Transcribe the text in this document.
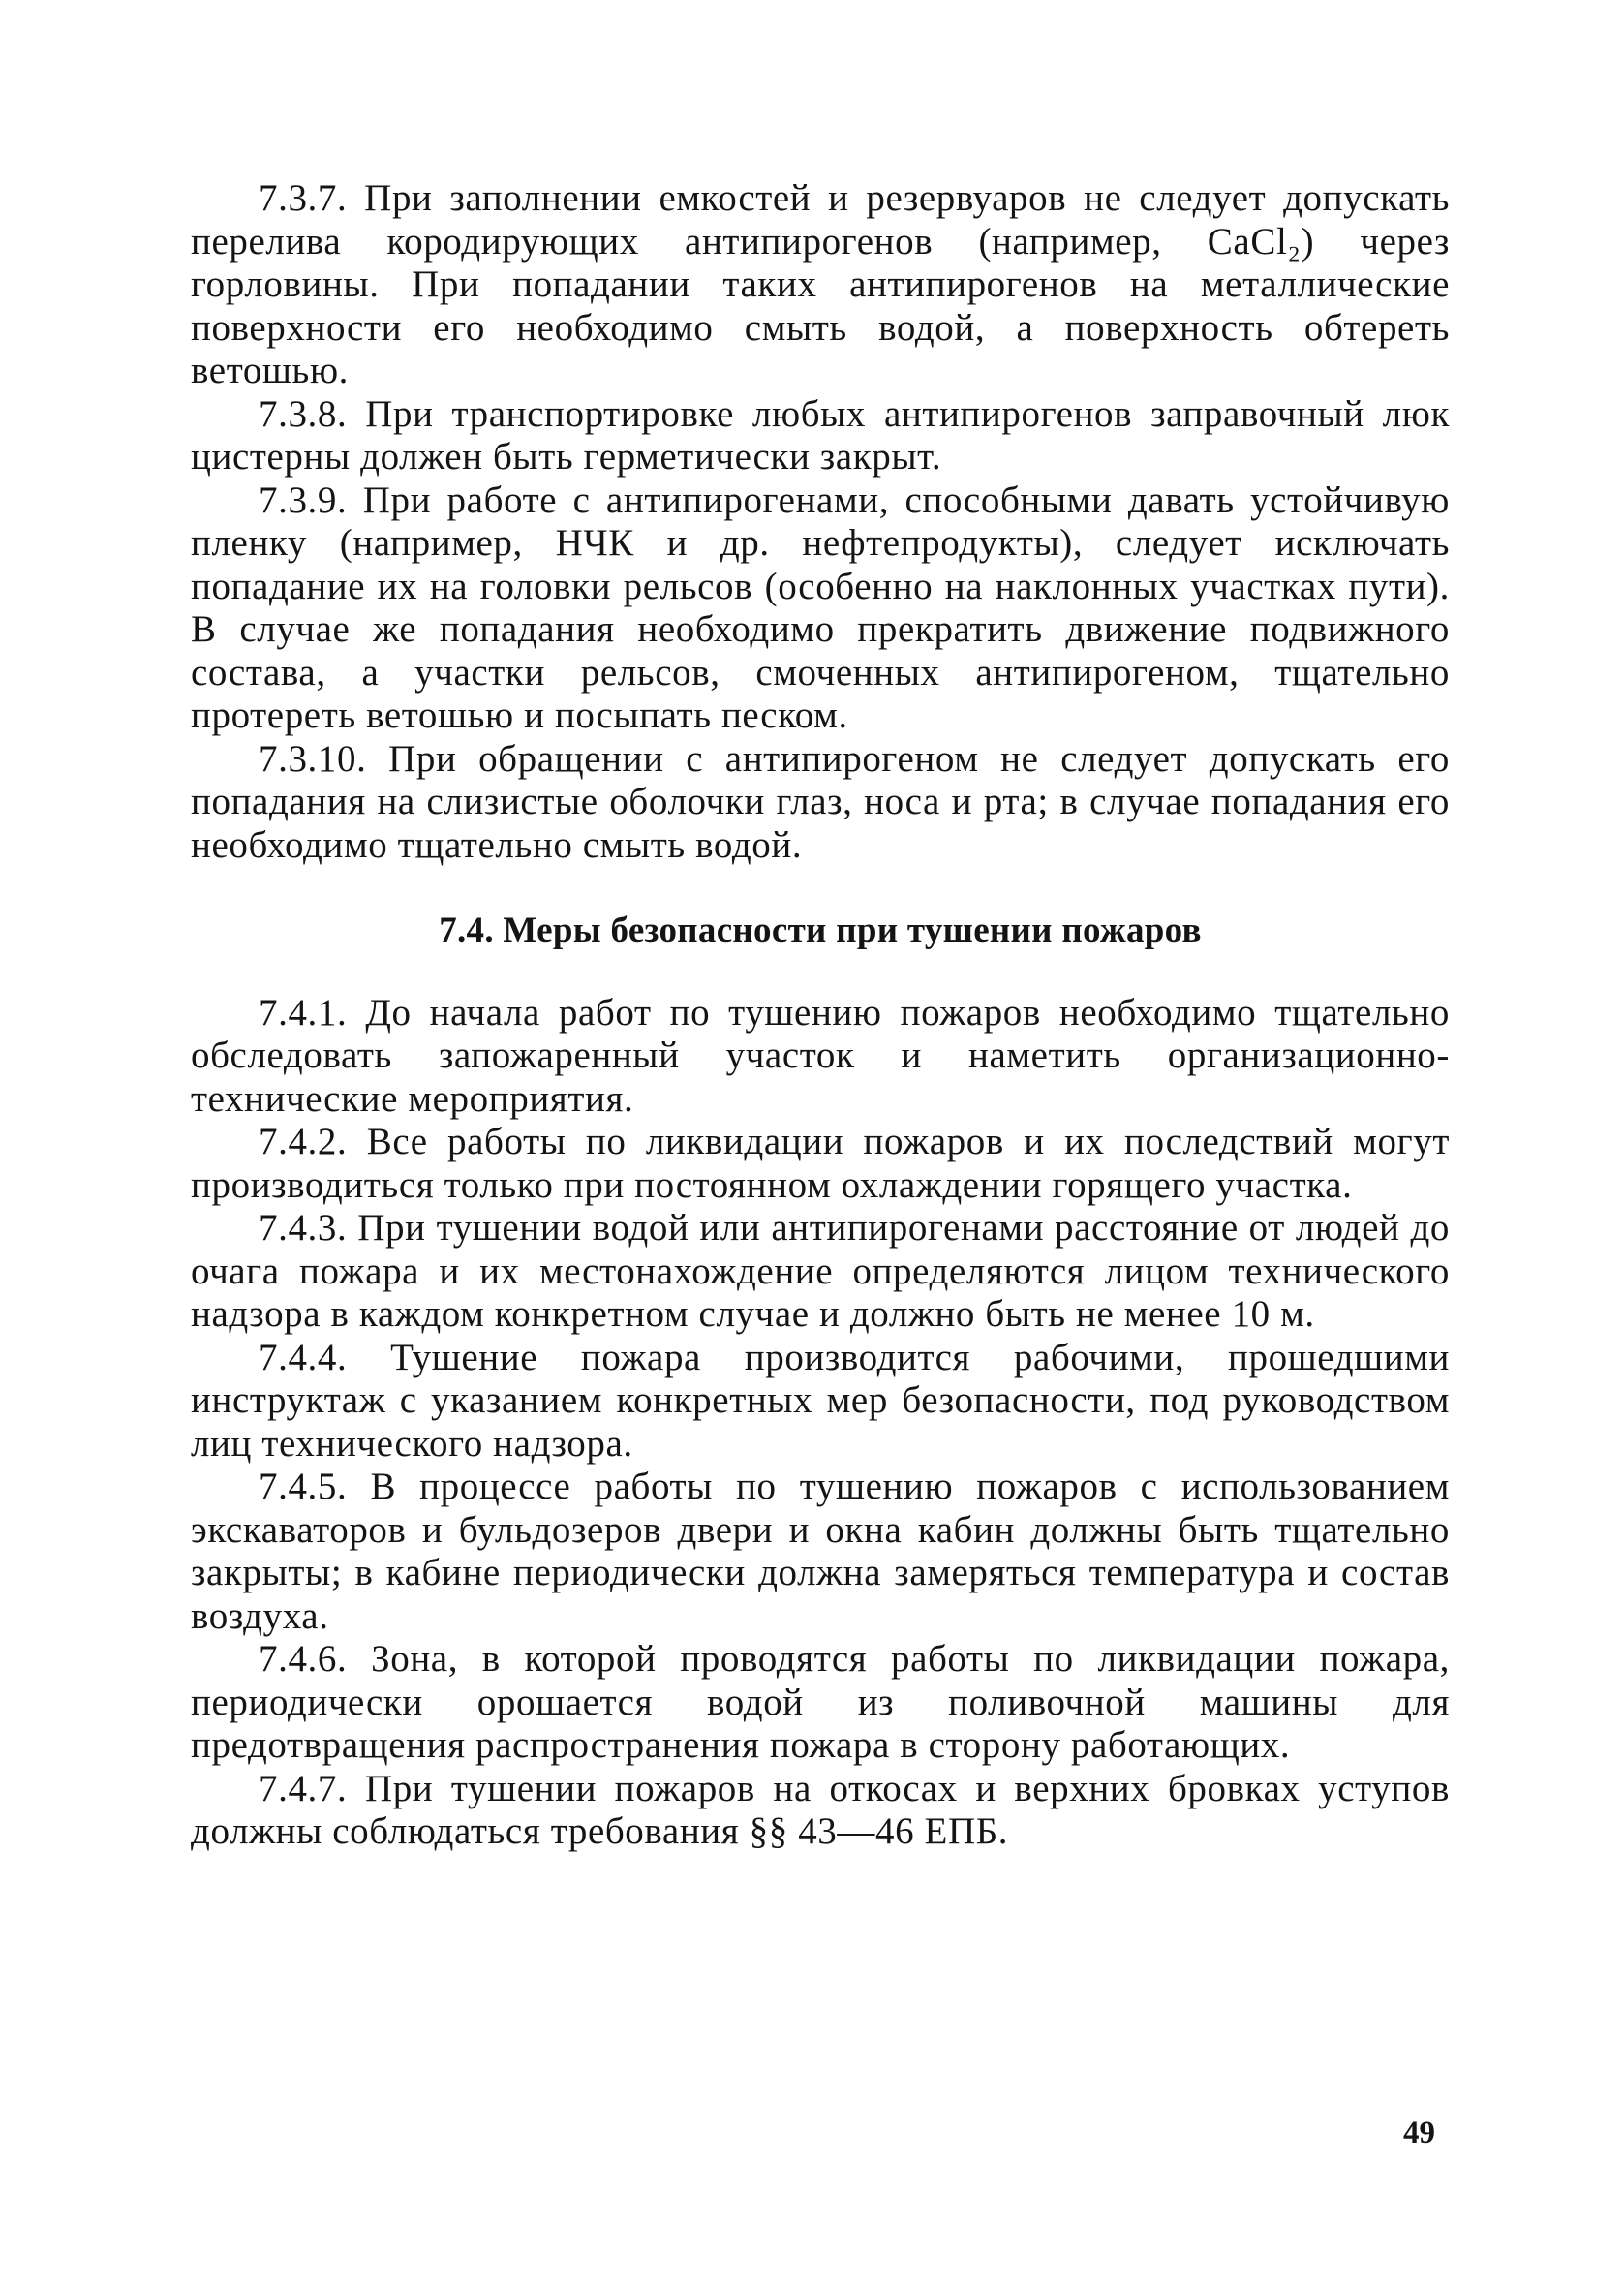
7.3.7. При заполнении емкостей и резервуаров не следует допускать перелива кородирующих антипирогенов (например, CaCl₂) через горловины. При попадании таких антипирогенов на металлические поверхности его необходимо смыть водой, а поверхность обтереть ветошью.

7.3.8. При транспортировке любых антипирогенов заправочный люк цистерны должен быть герметически закрыт.

7.3.9. При работе с антипирогенами, способными давать устойчивую пленку (например, НЧК и др. нефтепродукты), следует исключать попадание их на головки рельсов (особенно на наклонных участках пути). В случае же попадания необходимо прекратить движение подвижного состава, а участки рельсов, смоченных антипирогеном, тщательно протереть ветошью и посыпать песком.

7.3.10. При обращении с антипирогеном не следует допускать его попадания на слизистые оболочки глаз, носа и рта; в случае попадания его необходимо тщательно смыть водой.

7.4. Меры безопасности при тушении пожаров

7.4.1. До начала работ по тушению пожаров необходимо тщательно обследовать запожаренный участок и наметить организационно-технические мероприятия.

7.4.2. Все работы по ликвидации пожаров и их последствий могут производиться только при постоянном охлаждении горящего участка.

7.4.3. При тушении водой или антипирогенами расстояние от людей до очага пожара и их местонахождение определяются лицом технического надзора в каждом конкретном случае и должно быть не менее 10 м.

7.4.4. Тушение пожара производится рабочими, прошедшими инструктаж с указанием конкретных мер безопасности, под руководством лиц технического надзора.

7.4.5. В процессе работы по тушению пожаров с использованием экскаваторов и бульдозеров двери и окна кабин должны быть тщательно закрыты; в кабине периодически должна замеряться температура и состав воздуха.

7.4.6. Зона, в которой проводятся работы по ликвидации пожара, периодически орошается водой из поливочной машины для предотвращения распространения пожара в сторону работающих.

7.4.7. При тушении пожаров на откосах и верхних бровках уступов должны соблюдаться требования §§ 43—46 ЕПБ.

49
